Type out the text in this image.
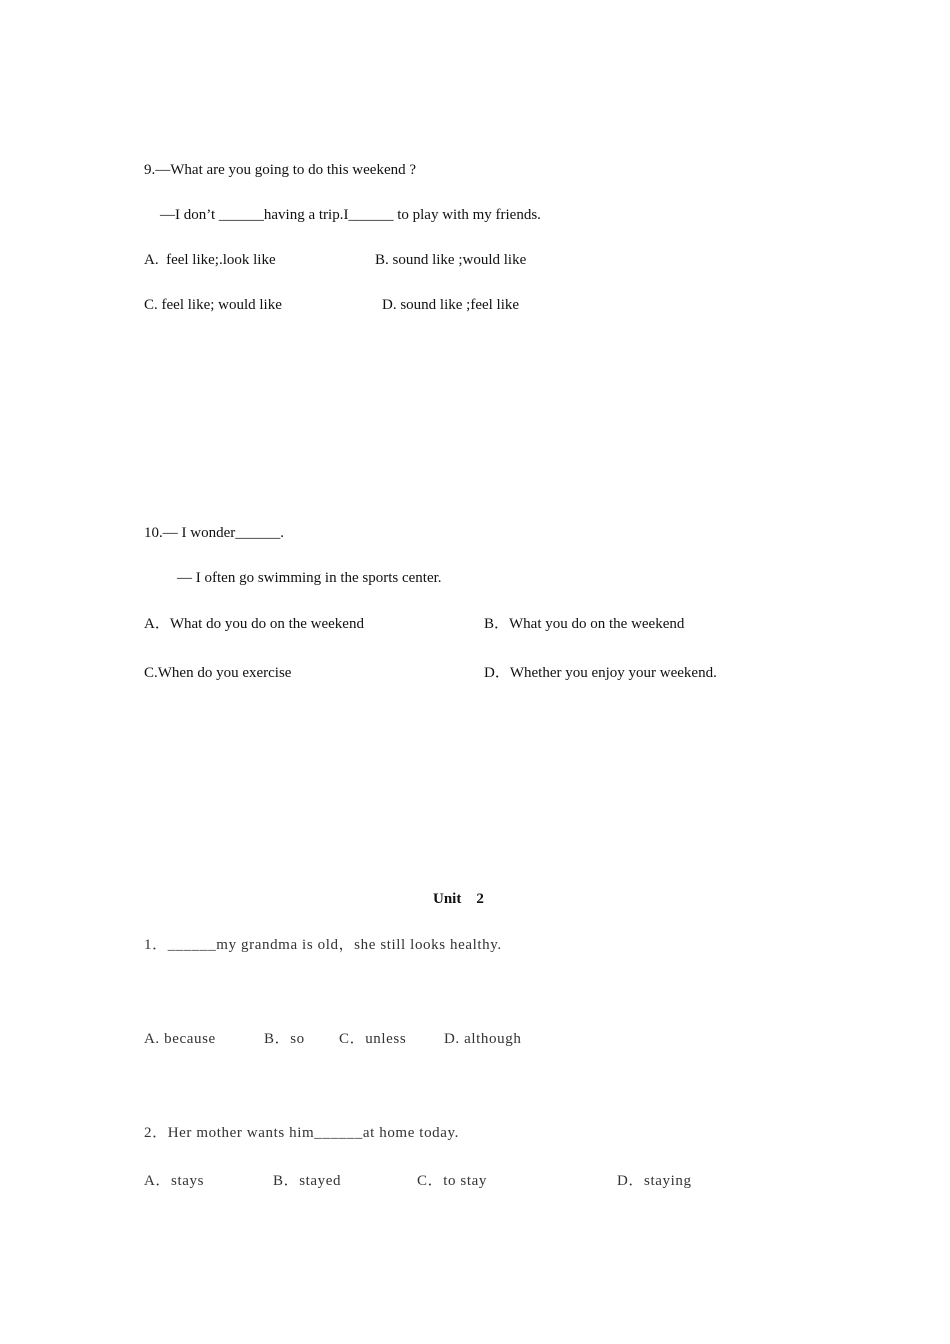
9.—What are you going to do this weekend ?
—I don’t ______having a trip.I______ to play with my friends.
A.  feel like;.look like	B. sound like ;would like
C. feel like; would like	D. sound like ;feel like
10.— I wonder______.
— I often go swimming in the sports center.
A．What do you do on the weekend	B．What you do on the weekend
C.When do you exercise	D．Whether you enjoy your weekend.
Unit    2
1．______my grandma is old，she still looks healthy.
A. because	B．so C．unless	D. although
2．Her mother wants him______at home today.
A．stays	B．stayed	C．to stay	D．staying
